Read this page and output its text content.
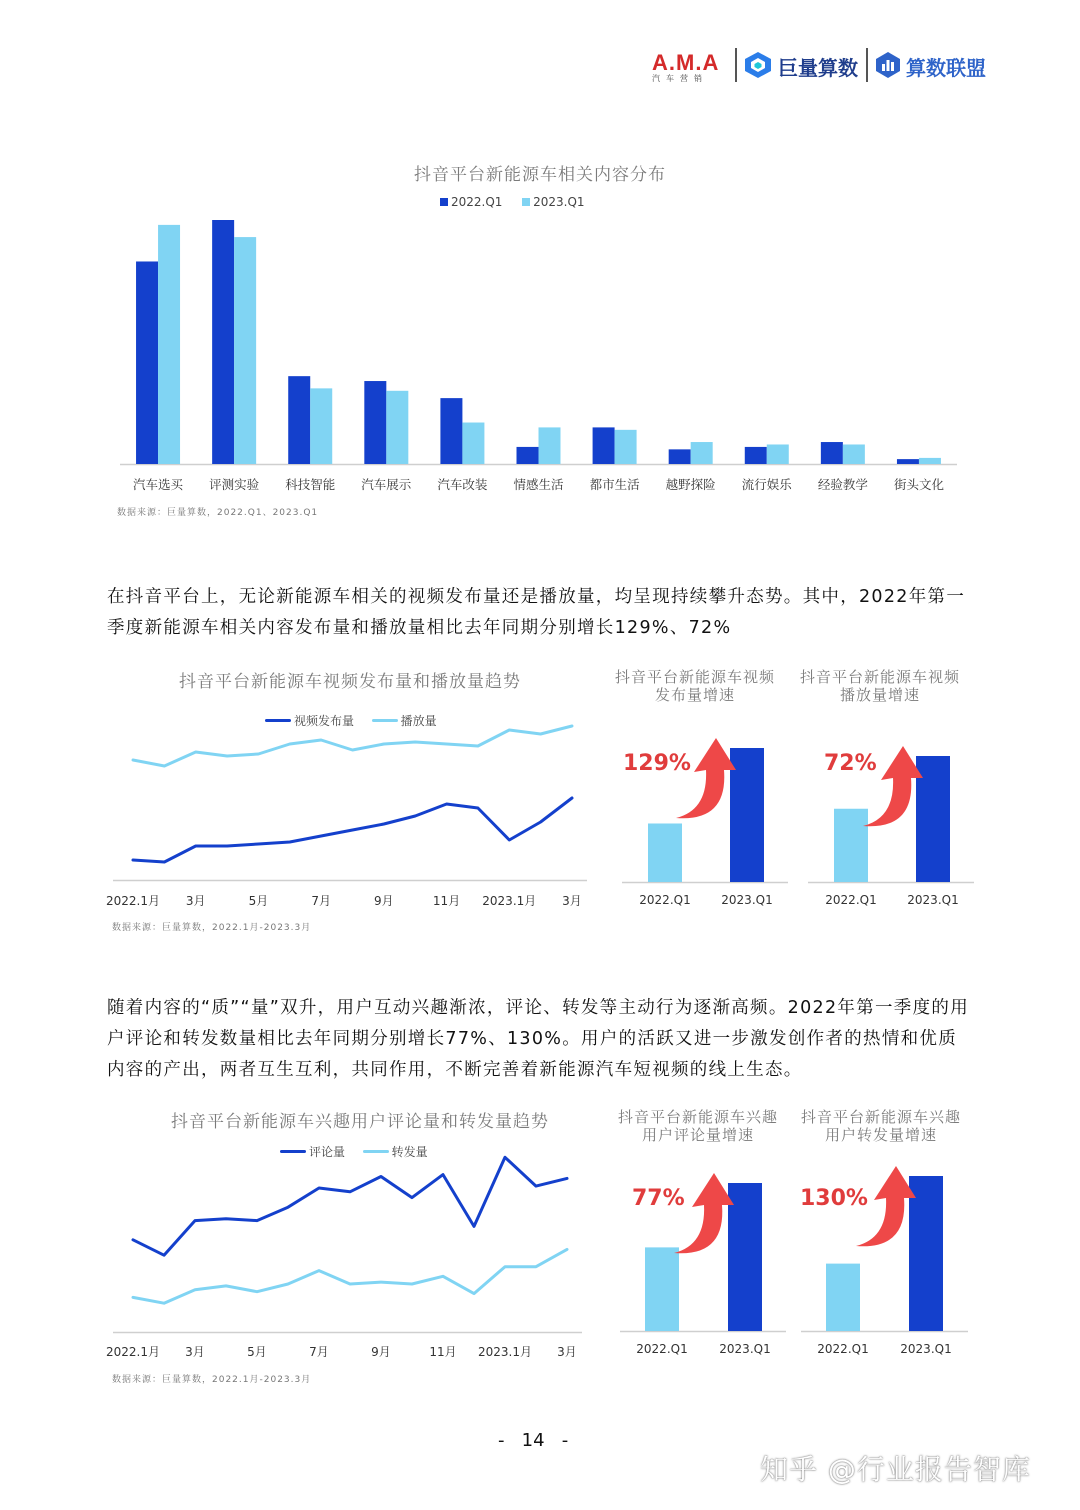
A.M.A
汽车营销	巨量算数 算数联盟
抖音平台新能源车相关内容分布
2022.Q1	2023.Q1
汽车选买 评测实验 科技智能 汽车展示 汽车改装 情感生活 都市生活 越野探险 流行娱乐 经验教学 街头文化
数据来源：巨量算数，2022.Q1、2023.Q1
在抖音平台上，无论新能源车相关的视频发布量还是播放量，均呈现持续攀升态势。其中，2022年第一季度新能源车相关内容发布量和播放量相比去年同期分别增长129%、72%
抖音平台新能源车视频发布量和播放量趋势
视频发布量	播放量
2022.1月 3月	5月	7月	9月	11月 2023.1月 3月	2022.Q1	2023.Q1
129%
2022.Q1	2023.Q1
72%
数据来源：巨量算数，2022.1月-2023.3月
抖音平台新能源车视频发布量增速
抖音平台新能源车视频播放量增速
随着内容的“质”“量”双升，用户互动兴趣渐浓，评论、转发等主动行为逐渐高频。2022年第一季度的用户评论和转发数量相比去年同期分别增长77%、130%。用户的活跃又进一步激发创作者的热情和优质内容的产出，两者互生互利，共同作用，不断完善着新能源汽车短视频的线上生态。
抖音平台新能源车兴趣用户评论量和转发量趋势
评论量	转发量
2022.1月 3月	5月	7月	9月	11月 2023.1月 3月	2022.Q1	2023.Q1
77%
2022.Q1	2023.Q1
130%
数据来源：巨量算数，2022.1月-2023.3月
抖音平台新能源车兴趣用户评论量增速
抖音平台新能源车兴趣用户转发量增速
-   14   -
知乎 @行业报告智库
